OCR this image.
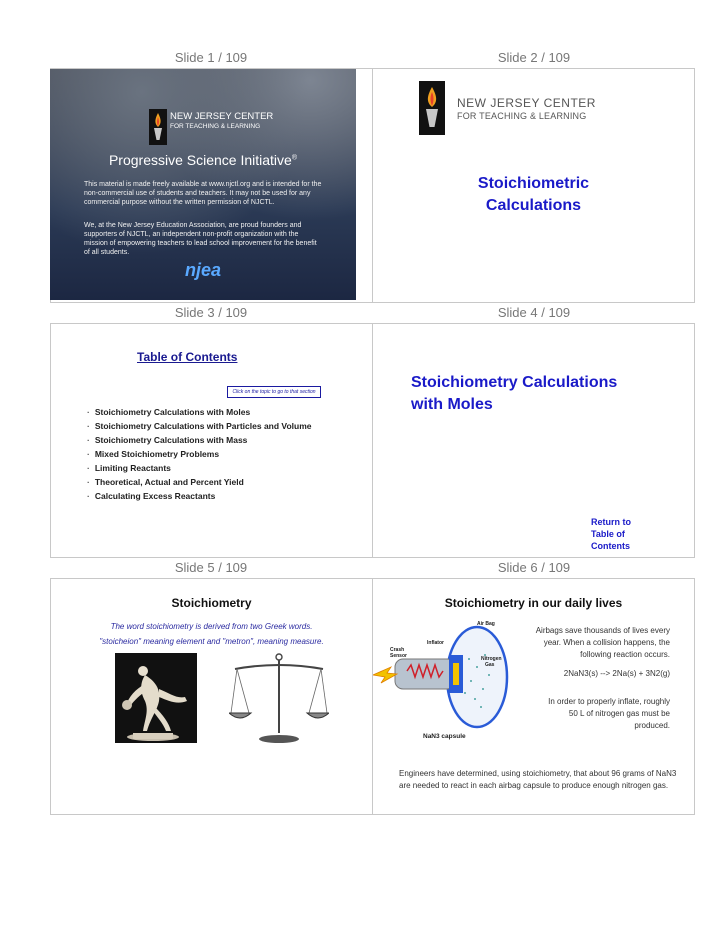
Slide 1 / 109	Slide 2 / 109
Slide 3 / 109	Slide 4 / 109
Slide 5 / 109	Slide 6 / 109
NEW JERSEY CENTER
FOR TEACHING & LEARNING
Progressive Science Initiative®
This material is made freely available at www.njctl.org and is intended for the non-commercial use of students and teachers. It may not be used for any commercial purpose without the written permission of NJCTL.
We, at the New Jersey Education Association, are proud founders and supporters of NJCTL, an independent non-profit organization with the mission of empowering teachers to lead school improvement for the benefit of all students.
njea
NEW JERSEY CENTER
FOR TEACHING & LEARNING
Stoichiometric
Calculations
Table of Contents
Click on the topic to go to that section
· Stoichiometry Calculations with Moles
· Stoichiometry Calculations with Particles and Volume
· Stoichiometry Calculations with Mass
· Mixed Stoichiometry Problems
· Limiting Reactants
· Theoretical, Actual and Percent Yield
· Calculating Excess Reactants
Stoichiometry Calculations
with Moles
Return to
Table of
Contents
Stoichiometry
The word stoichiometry is derived from two Greek words.
"stoicheion" meaning element and "metron", meaning measure.
Stoichiometry in our daily lives
Air Bag
Inflator
Crash
Sensor	Nitrogen
Gas
NaN3 capsule
Airbags save thousands of lives every
year. When a collision happens, the
following reaction occurs.
2NaN3(s) --> 2Na(s) + 3N2(g)
In order to properly inflate, roughly
50 L of nitrogen gas must be
produced.
Engineers have determined, using stoichiometry, that about 96 grams of NaN3 are needed to react in each airbag capsule to produce enough nitrogen gas.
